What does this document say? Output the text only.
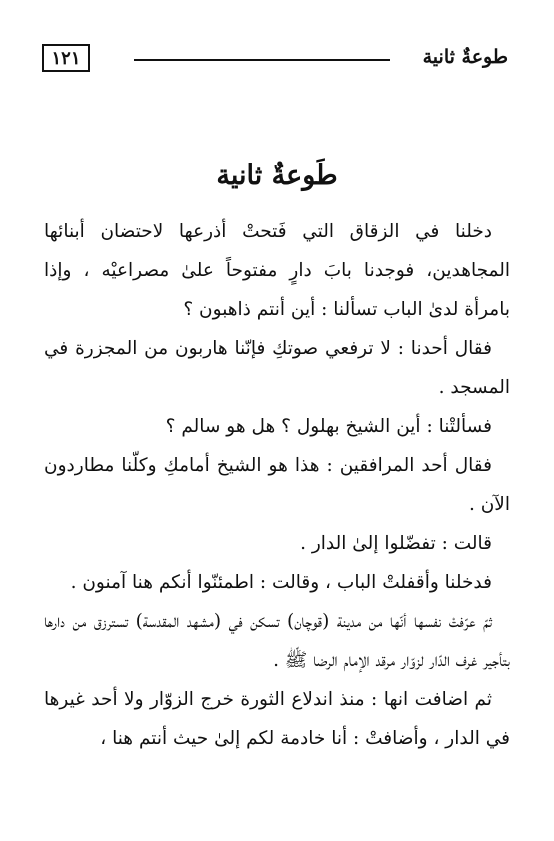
طوعةٌ ثانية
١٢١
طَوعةٌ ثانية

دخلنا في الزقاق التي فَتحتْ أذرعها لاحتضان أبنائها المجاهدين، فوجدنا بابَ دارٍ مفتوحاً علىٰ مصراعيْه ، وإذا بامرأة لدىٰ الباب تسألنا : أين أنتم ذاهبون ؟

فقال أحدنا : لا ترفعي صوتكِ فإنّنا هاربون من المجزرة في المسجد .

فسألتْنا : أين الشيخ بهلول ؟ هل هو سالم ؟

فقال أحد المرافقين : هذا هو الشيخ أمامكِ وكلّنا مطاردون الآن .

قالت : تفضّلوا إلىٰ الدار .

فدخلنا وأقفلتْ الباب ، وقالت : اطمئنّوا أنكم هنا آمنون .

ثمّ عرّفتْ نفسها أنّها من مدينة (قوچان) تسكن في (مشهد المقدسة) تسترزق من دارها بتأجير غرف الدّار لزوّار مرقد الإمام الرضا ﷺ .

ثم اضافت انها : منذ اندلاع الثورة خرج الزوّار ولا أحد غيرها في الدار ، وأضافتْ : أنا خادمة لكم إلىٰ حيث أنتم هنا ،
